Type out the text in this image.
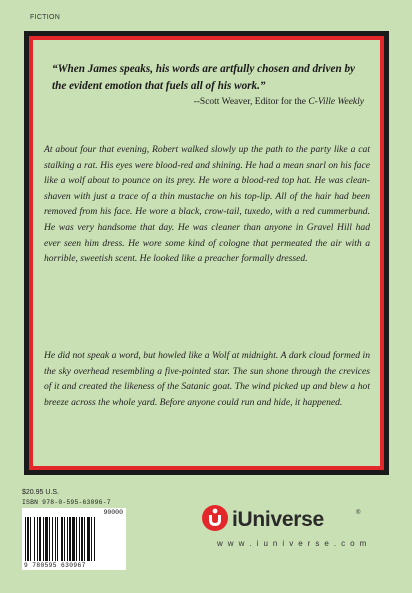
FICTION
“When James speaks, his words are artfully chosen and driven by the evident emotion that fuels all of his work.”
--Scott Weaver, Editor for the C-Ville Weekly

At about four that evening, Robert walked slowly up the path to the party like a cat stalking a rat. His eyes were blood-red and shining. He had a mean snarl on his face like a wolf about to pounce on its prey. He wore a blood-red top hat. He was clean-shaven with just a trace of a thin mustache on his top-lip. All of the hair had been removed from his face. He wore a black, crow-tail, tuxedo, with a red cummerbund. He was very handsome that day. He was cleaner than anyone in Gravel Hill had ever seen him dress. He wore some kind of cologne that permeated the air with a horrible, sweetish scent. He looked like a preacher formally dressed.

He did not speak a word, but howled like a Wolf at midnight. A dark cloud formed in the sky overhead resembling a five-pointed star. The sun shone through the crevices of it and created the likeness of the Satanic goat. The wind picked up and blew a hot breeze across the whole yard. Before anyone could run and hide, it happened.

$20.95 U.S.
ISBN 978-0-595-63096-7
90000
9 780595 630967
iUniverse	®
w w w . i u n i v e r s e . c o m
